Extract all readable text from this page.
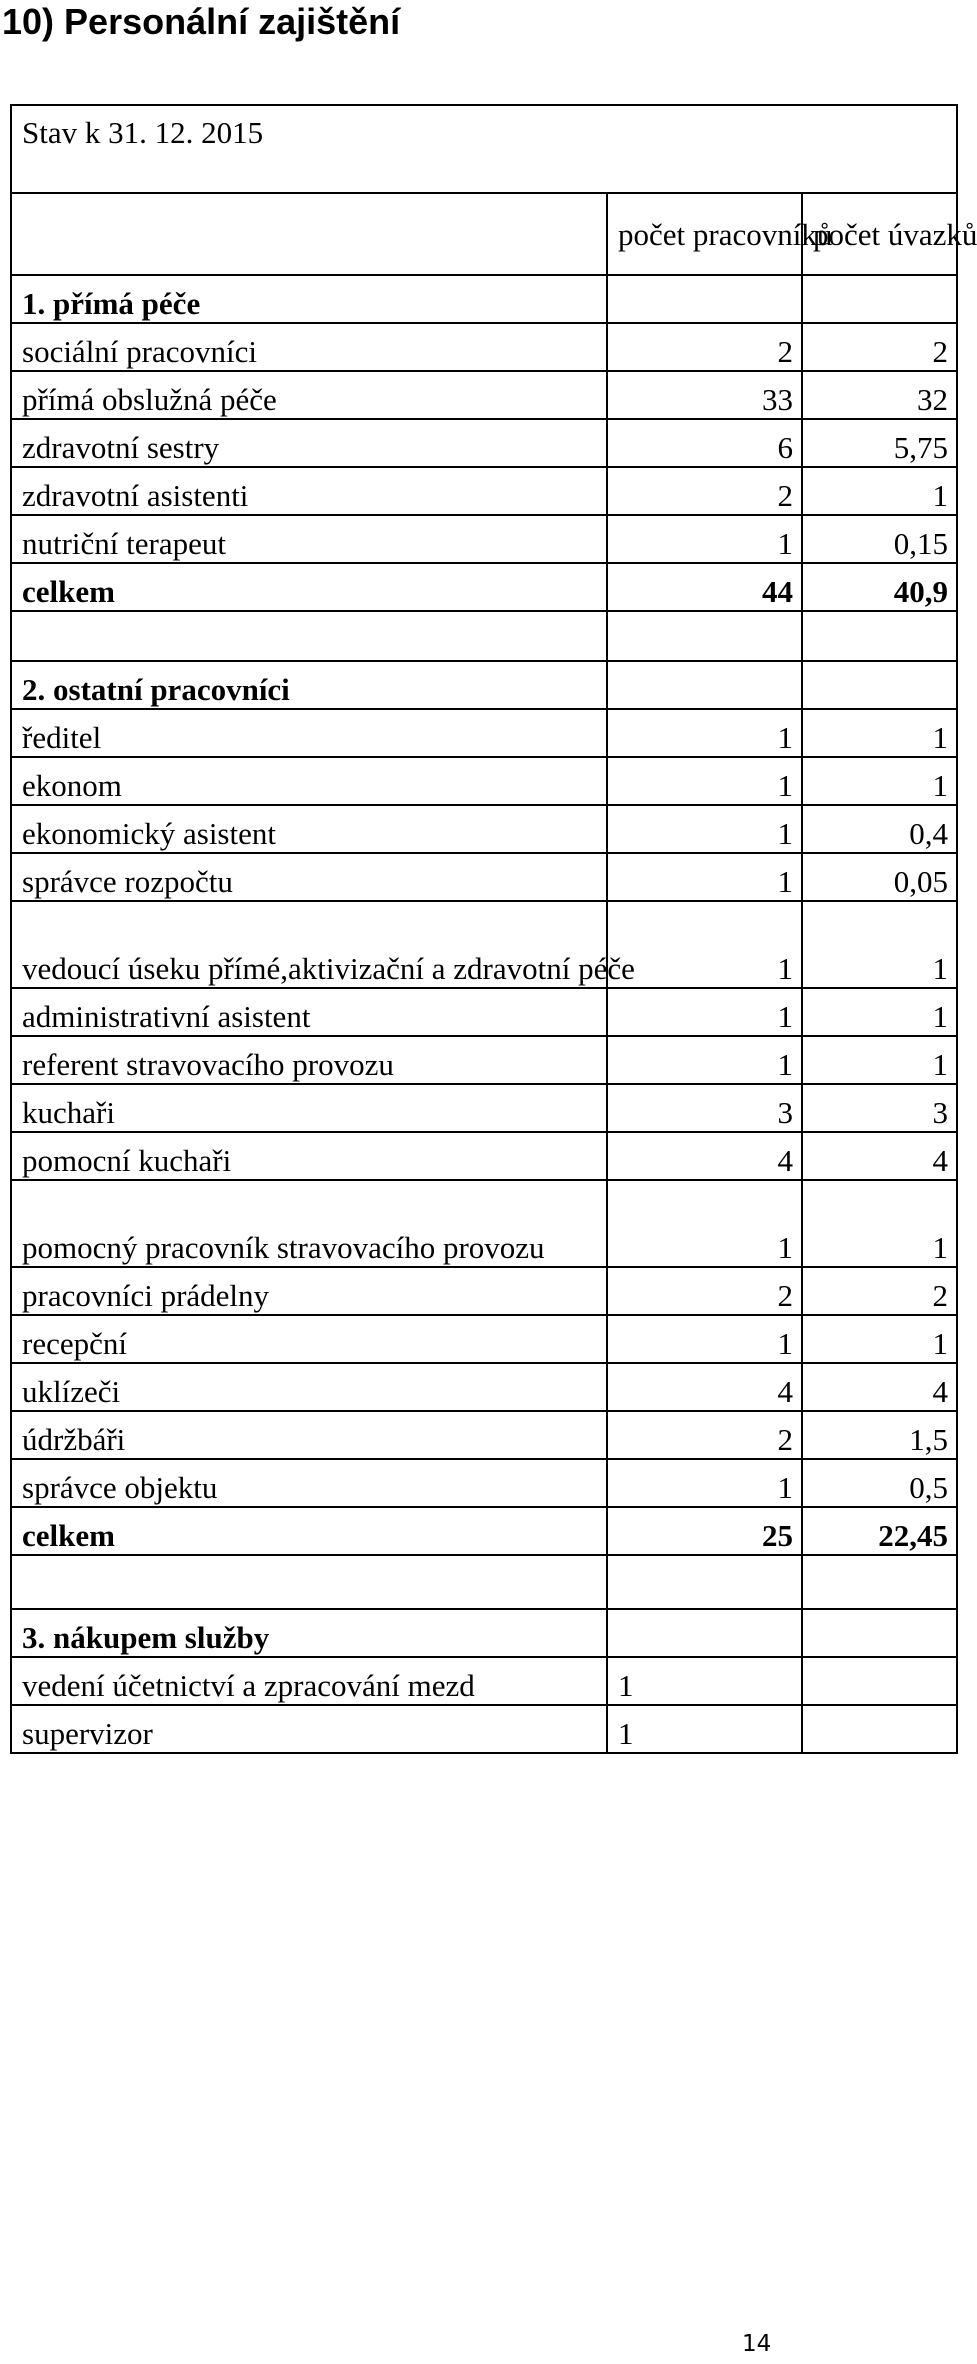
10) Personální zajištění
Stav k 31. 12. 2015		
	počet pracovníků	počet úvazků
1. přímá péče		
sociální pracovníci	2	2
přímá obslužná péče	33	32
zdravotní sestry	6	5,75
zdravotní asistenti	2	1
nutriční terapeut	1	0,15
celkem	44	40,9

2. ostatní pracovníci		
ředitel	1	1
ekonom	1	1
ekonomický asistent	1	0,4
správce rozpočtu	1	0,05
vedoucí úseku přímé,aktivizační a zdravotní péče	1	1
administrativní asistent	1	1
referent stravovacího provozu	1	1
kuchaři	3	3
pomocní kuchaři	4	4
pomocný pracovník stravovacího provozu	1	1
pracovníci prádelny	2	2
recepční	1	1
uklízeči	4	4
údržbáři	2	1,5
správce objektu	1	0,5
celkem	25	22,45

3. nákupem služby		
vedení účetnictví a zpracování mezd	1	
supervizor	1	
14
